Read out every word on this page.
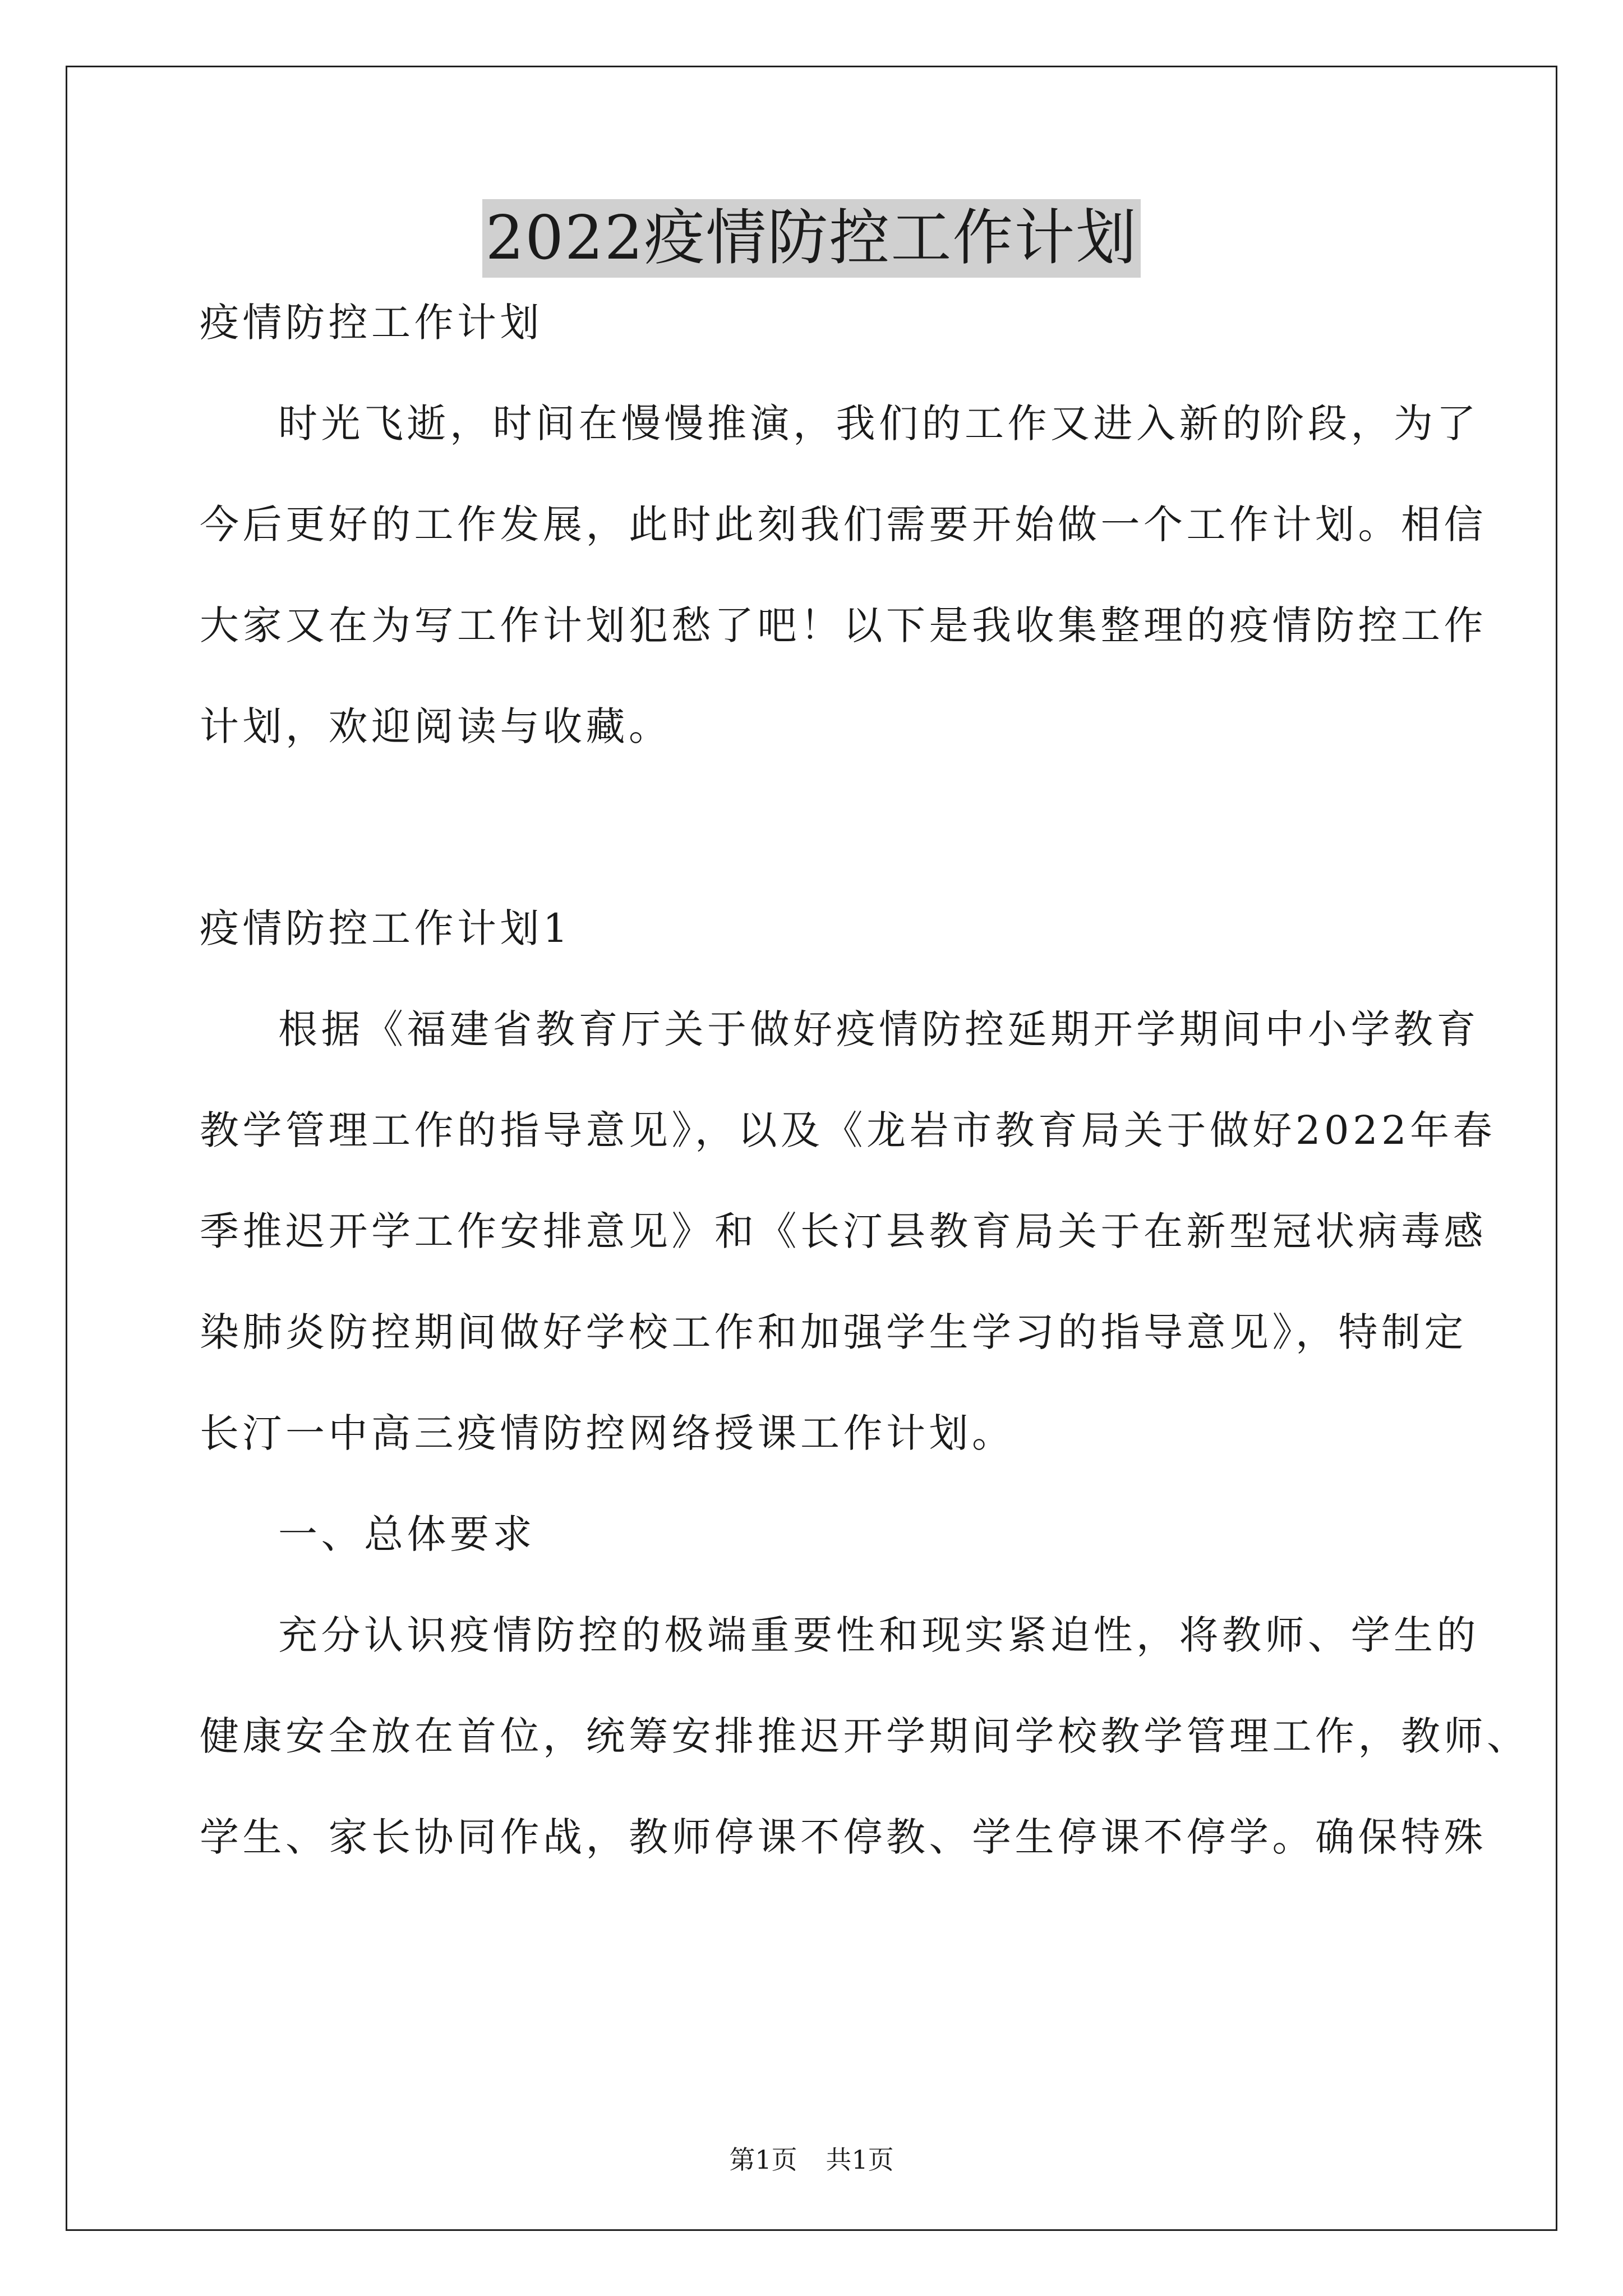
2022疫情防控工作计划
疫情防控工作计划
时光飞逝，时间在慢慢推演，我们的工作又进入新的阶段，为了
今后更好的工作发展，此时此刻我们需要开始做一个工作计划。相信
大家又在为写工作计划犯愁了吧！以下是我收集整理的疫情防控工作
计划，欢迎阅读与收藏。
疫情防控工作计划1
根据《福建省教育厅关于做好疫情防控延期开学期间中小学教育
教学管理工作的指导意见》，以及《龙岩市教育局关于做好2022年春
季推迟开学工作安排意见》和《长汀县教育局关于在新型冠状病毒感
染肺炎防控期间做好学校工作和加强学生学习的指导意见》，特制定
长汀一中高三疫情防控网络授课工作计划。
一、总体要求
充分认识疫情防控的极端重要性和现实紧迫性，将教师、学生的
健康安全放在首位，统筹安排推迟开学期间学校教学管理工作，教师、
学生、家长协同作战，教师停课不停教、学生停课不停学。确保特殊
第1页 共1页
